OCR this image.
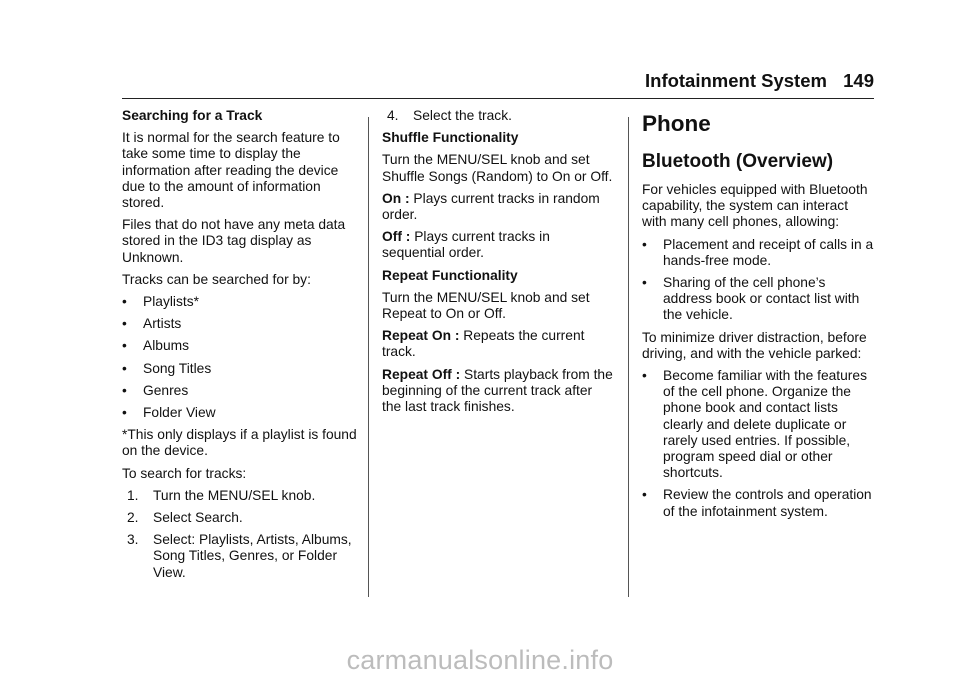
Infotainment System 149

Searching for a Track

It is normal for the search feature to take some time to display the information after reading the device due to the amount of information stored.

Files that do not have any meta data stored in the ID3 tag display as Unknown.

Tracks can be searched for by:

• Playlists*
• Artists
• Albums
• Song Titles
• Genres
• Folder View

*This only displays if a playlist is found on the device.

To search for tracks:

1. Turn the MENU/SEL knob.
2. Select Search.
3. Select: Playlists, Artists, Albums, Song Titles, Genres, or Folder View.
4. Select the track.

Shuffle Functionality

Turn the MENU/SEL knob and set Shuffle Songs (Random) to On or Off.

On : Plays current tracks in random order.

Off : Plays current tracks in sequential order.

Repeat Functionality

Turn the MENU/SEL knob and set Repeat to On or Off.

Repeat On : Repeats the current track.

Repeat Off : Starts playback from the beginning of the current track after the last track finishes.

Phone
Bluetooth (Overview)

For vehicles equipped with Bluetooth capability, the system can interact with many cell phones, allowing:

• Placement and receipt of calls in a hands-free mode.
• Sharing of the cell phone’s address book or contact list with the vehicle.

To minimize driver distraction, before driving, and with the vehicle parked:

• Become familiar with the features of the cell phone. Organize the phone book and contact lists clearly and delete duplicate or rarely used entries. If possible, program speed dial or other shortcuts.
• Review the controls and operation of the infotainment system.
carmanualsonline.info
